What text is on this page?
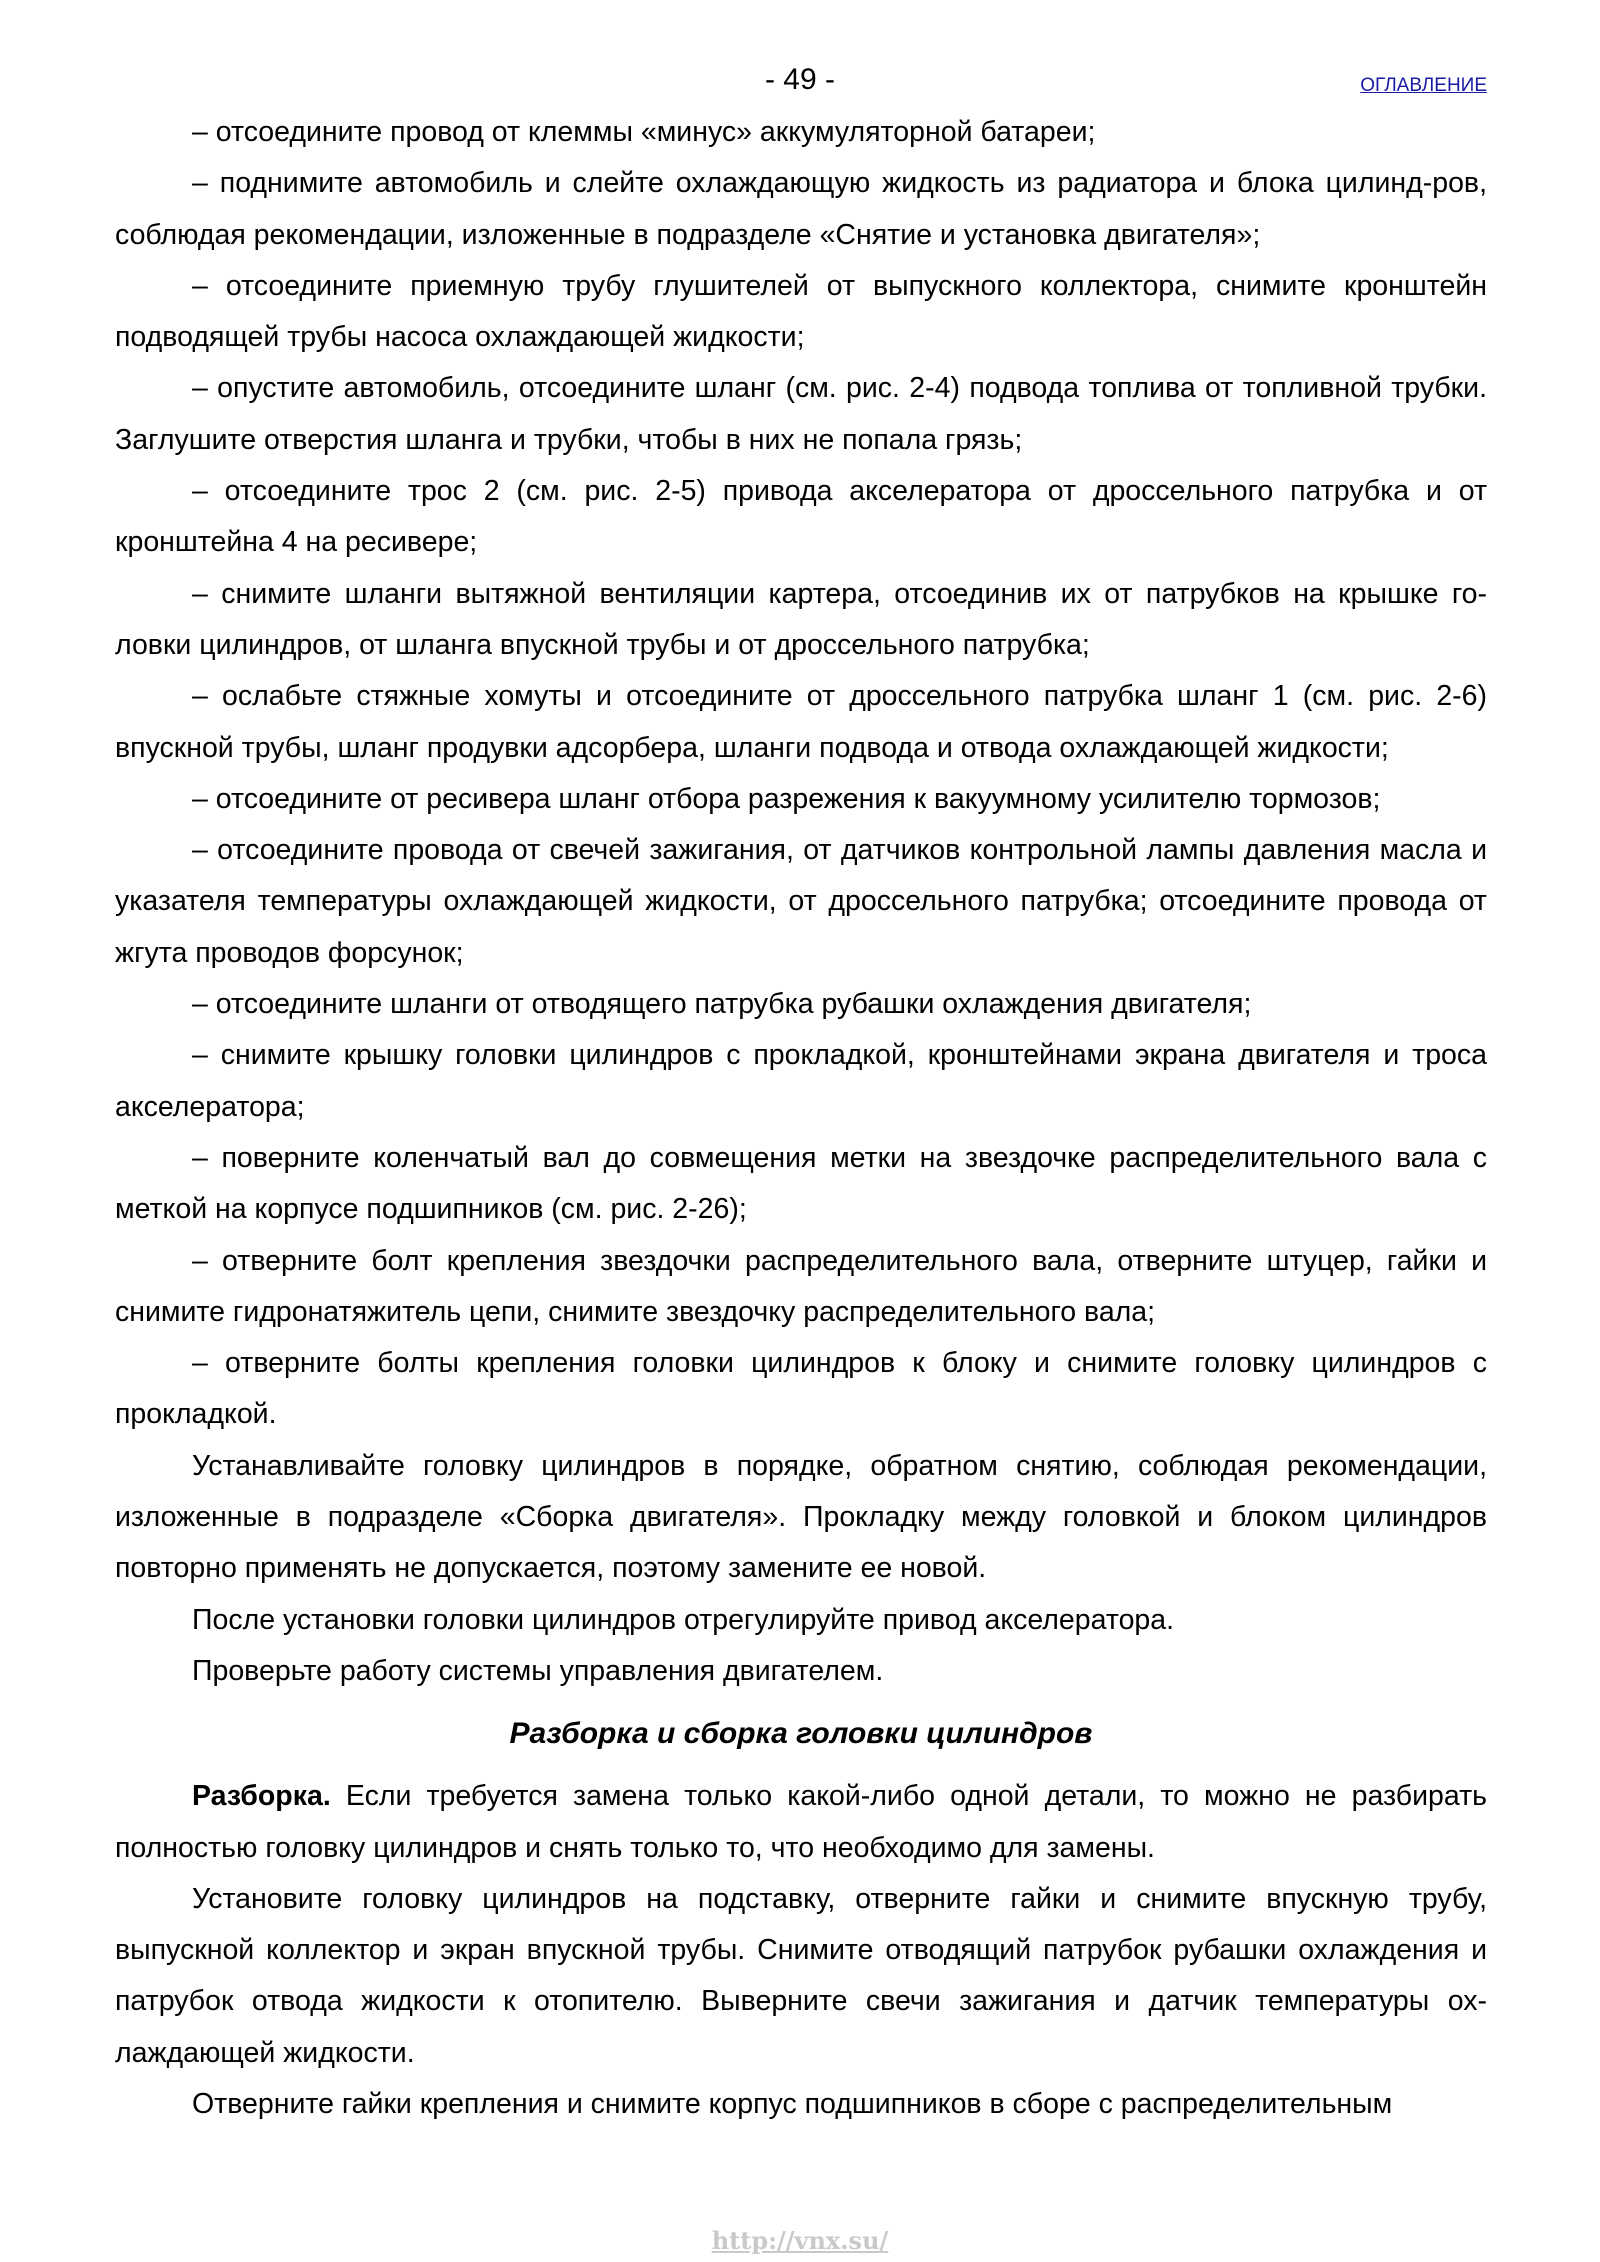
- 49 -	ОГЛАВЛЕНИЕ

– отсоедините провод от клеммы «минус» аккумуляторной батареи;

– поднимите автомобиль и слейте охлаждающую жидкость из радиатора и блока цилинд-ров, соблюдая рекомендации, изложенные в подразделе «Снятие и установка двигателя»;

– отсоедините приемную трубу глушителей от выпускного коллектора, снимите кронштейн подводящей трубы насоса охлаждающей жидкости;

– опустите автомобиль, отсоедините шланг (см. рис. 2-4) подвода топлива от топливной трубки. Заглушите отверстия шланга и трубки, чтобы в них не попала грязь;

– отсоедините трос 2 (см. рис. 2-5) привода акселератора от дроссельного патрубка и от кронштейна 4 на ресивере;

– снимите шланги вытяжной вентиляции картера, отсоединив их от патрубков на крышке го-ловки цилиндров, от шланга впускной трубы и от дроссельного патрубка;

– ослабьте стяжные хомуты и отсоедините от дроссельного патрубка шланг 1 (см. рис. 2-6) впускной трубы, шланг продувки адсорбера, шланги подвода и отвода охлаждающей жидкости;

– отсоедините от ресивера шланг отбора разрежения к вакуумному усилителю тормозов;

– отсоедините провода от свечей зажигания, от датчиков контрольной лампы давления масла и указателя температуры охлаждающей жидкости, от дроссельного патрубка; отсоедините провода от жгута проводов форсунок;

– отсоедините шланги от отводящего патрубка рубашки охлаждения двигателя;

– снимите крышку головки цилиндров с прокладкой, кронштейнами экрана двигателя и троса акселератора;

– поверните коленчатый вал до совмещения метки на звездочке распределительного вала с меткой на корпусе подшипников (см. рис. 2-26);

– отверните болт крепления звездочки распределительного вала, отверните штуцер, гайки и снимите гидронатяжитель цепи, снимите звездочку распределительного вала;

– отверните болты крепления головки цилиндров к блоку и снимите головку цилиндров с прокладкой.

Устанавливайте головку цилиндров в порядке, обратном снятию, соблюдая рекомендации, изложенные в подразделе «Сборка двигателя». Прокладку между головкой и блоком цилиндров повторно применять не допускается, поэтому замените ее новой.

После установки головки цилиндров отрегулируйте привод акселератора.

Проверьте работу системы управления двигателем.

Разборка и сборка головки цилиндров

Разборка. Если требуется замена только какой-либо одной детали, то можно не разбирать полностью головку цилиндров и снять только то, что необходимо для замены.

Установите головку цилиндров на подставку, отверните гайки и снимите впускную трубу, выпускной коллектор и экран впускной трубы. Снимите отводящий патрубок рубашки охлаждения и патрубок отвода жидкости к отопителю. Выверните свечи зажигания и датчик температуры ох-лаждающей жидкости.

Отверните гайки крепления и снимите корпус подшипников в сборе с распределительным

http://vnx.su/
